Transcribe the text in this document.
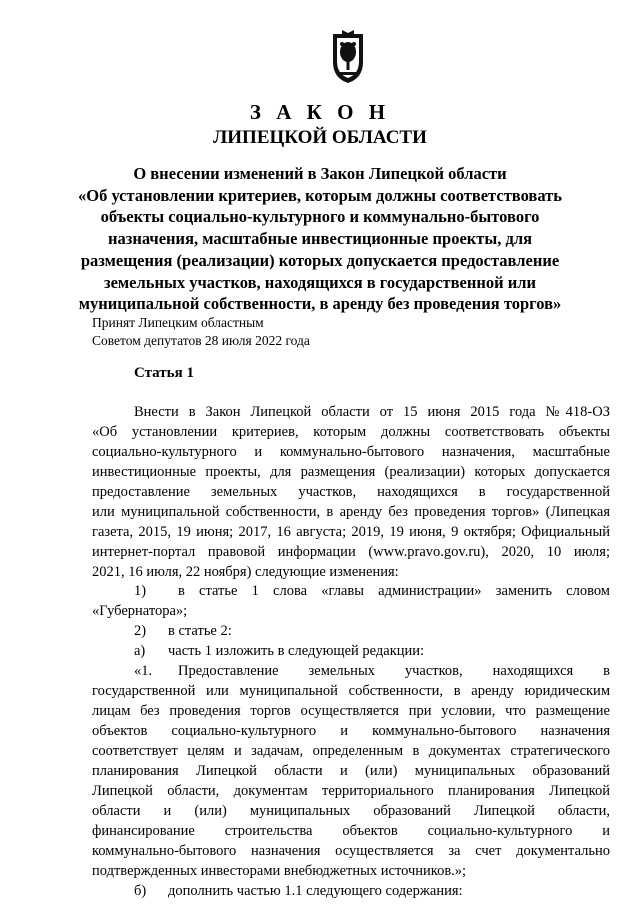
З А К О Н
ЛИПЕЦКОЙ ОБЛАСТИ
О внесении изменений в Закон Липецкой области
«Об установлении критериев, которым должны соответствовать
объекты социально-культурного и коммунально-бытового
назначения, масштабные инвестиционные проекты, для
размещения (реализации) которых допускается предоставление
земельных участков, находящихся в государственной или
муниципальной собственности, в аренду без проведения торгов»
Принят Липецким областным
Советом депутатов 28 июля 2022 года
Статья 1
Внести в Закон Липецкой области от 15 июня 2015 года №418-ОЗ
«Об установлении критериев, которым должны соответствовать объекты
социально-культурного и коммунально-бытового назначения, масштабные
инвестиционные проекты, для размещения (реализации) которых допускается
предоставление земельных участков, находящихся в государственной
или муниципальной собственности, в аренду без проведения торгов» (Липецкая
газета, 2015, 19 июня; 2017, 16 августа; 2019, 19 июня, 9 октября; Официальный
интернет-портал правовой информации (www.pravo.gov.ru), 2020, 10 июля;
2021, 16 июля, 22 ноября) следующие изменения:
1)	в статье 1 слова «главы администрации» заменить словом
«Губернатора»;
2) в статье 2:
а) часть 1 изложить в следующей редакции:
«1.	Предоставление земельных участков, находящихся в
государственной или муниципальной собственности, в аренду юридическим
лицам без проведения торгов осуществляется при условии, что размещение
объектов социально-культурного и коммунально-бытового назначения
соответствует целям и задачам, определенным в документах стратегического
планирования Липецкой области и (или) муниципальных образований
Липецкой области, документам территориального планирования Липецкой
области и (или) муниципальных образований Липецкой области,
финансирование строительства объектов социально-культурного и
коммунально-бытового назначения осуществляется за счет документально
подтвержденных инвесторами внебюджетных источников.»;
б) дополнить частью 1.1 следующего содержания:
